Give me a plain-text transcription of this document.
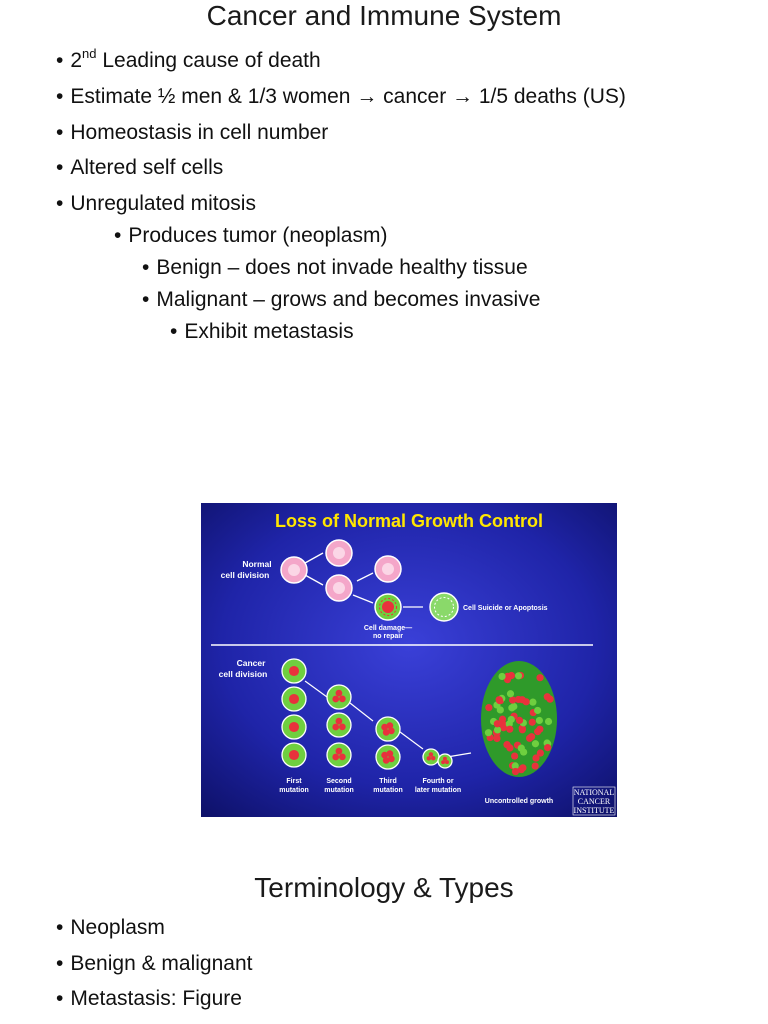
Cancer and Immune System
• 2nd Leading cause of death
• Estimate ½ men & 1/3 women → cancer → 1/5 deaths (US)
• Homeostasis in cell number
• Altered self cells
• Unregulated mitosis
• Produces tumor (neoplasm)
• Benign – does not invade healthy tissue
• Malignant – grows and becomes invasive
• Exhibit metastasis
Loss of Normal Growth Control
Normal
cell division
Cell Suicide or Apoptosis
Cell damage—
no repair
Cancer
cell division
First
mutation
Second
mutation
Third
mutation
Fourth or
later mutation
Uncontrolled growth
NATIONAL
CANCER
INSTITUTE
Terminology & Types
• Neoplasm
• Benign & malignant
• Metastasis: Figure
